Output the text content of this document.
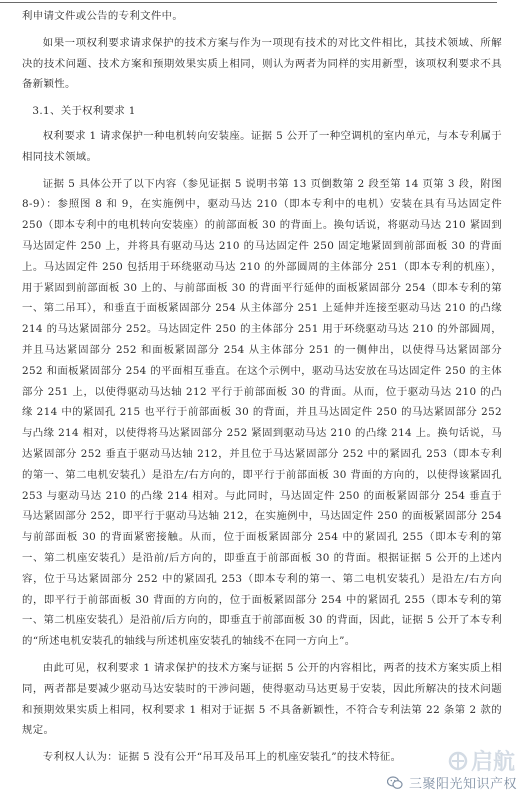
利申请文件或公告的专利文件中。

如果一项权利要求请求保护的技术方案与作为一项现有技术的对比文件相比，其技术领域、所解决的技术问题、技术方案和预期效果实质上相同，则认为两者为同样的实用新型，该项权利要求不具备新颖性。

3.1、关于权利要求 1

权利要求 1 请求保护一种电机转向安装座。证据 5 公开了一种空调机的室内单元，与本专利属于相同技术领域。

证据 5 具体公开了以下内容（参见证据 5 说明书第 13 页倒数第 2 段至第 14 页第 3 段，附图 8-9）：参照图 8 和 9，在实施例中，驱动马达 210（即本专利中的电机）安装在具有马达固定件 250（即本专利中的电机转向安装座）的前部面板 30 的背面上。换句话说，将驱动马达 210 紧固到马达固定件 250 上，并将具有驱动马达 210 的马达固定件 250 固定地紧固到前部面板 30 的背面上。马达固定件 250 包括用于环绕驱动马达 210 的外部圆周的主体部分 251（即本专利的机座），用于紧固到前部面板 30 上的、与前部面板 30 的背面平行延伸的面板紧固部分 254（即本专利的第一、第二吊耳），和垂直于面板紧固部分 254 从主体部分 251 上延伸并连接至驱动马达 210 的凸缘 214 的马达紧固部分 252。马达固定件 250 的主体部分 251 用于环绕驱动马达 210 的外部圆周，并且马达紧固部分 252 和面板紧固部分 254 从主体部分 251 的一侧伸出，以使得马达紧固部分 252 和面板紧固部分 254 的平面相互垂直。在这个示例中，驱动马达安放在马达固定件 250 的主体部分 251 上，以使得驱动马达轴 212 平行于前部面板 30 的背面。从而，位于驱动马达 210 的凸缘 214 中的紧固孔 215 也平行于前部面板 30 的背面，并且马达固定件 250 的马达紧固部分 252 与凸缘 214 相对，以使得将马达紧固部分 252 紧固到驱动马达 210 的凸缘 214 上。换句话说，马达紧固部分 252 垂直于驱动马达轴 212，并且位于马达紧固部分 252 中的紧固孔 253（即本专利的第一、第二电机安装孔）是沿左/右方向的，即平行于前部面板 30 背面的方向的，以使得该紧固孔 253 与驱动马达 210 的凸缘 214 相对。与此同时，马达固定件 250 的面板紧固部分 254 垂直于马达紧固部分 252，即平行于驱动马达轴 212，在实施例中，马达固定件 250 的面板紧固部分 254 与前部面板 30 的背面紧密接触。从而，位于面板紧固部分 254 中的紧固孔 255（即本专利的第一、第二机座安装孔）是沿前/后方向的，即垂直于前部面板 30 的背面。根据证据 5 公开的上述内容，位于马达紧固部分 252 中的紧固孔 253（即本专利的第一、第二电机安装孔）是沿左/右方向的，即平行于前部面板 30 背面的方向的，位于面板紧固部分 254 中的紧固孔 255（即本专利的第一、第二机座安装孔）是沿前/后方向的，即垂直于前部面板 30 的背面，因此，证据 5 公开了本专利的“所述电机安装孔的轴线与所述机座安装孔的轴线不在同一方向上”。

由此可见，权利要求 1 请求保护的技术方案与证据 5 公开的内容相比，两者的技术方案实质上相同，两者都是要减少驱动马达安装时的干涉问题，使得驱动马达更易于安装，因此所解决的技术问题和预期效果实质上相同，权利要求 1 相对于证据 5 不具备新颖性，不符合专利法第 22 条第 2 款的规定。

专利权人认为：证据 5 没有公开“吊耳及吊耳上的机座安装孔”的技术特征。	启航
三聚阳光知识产权
